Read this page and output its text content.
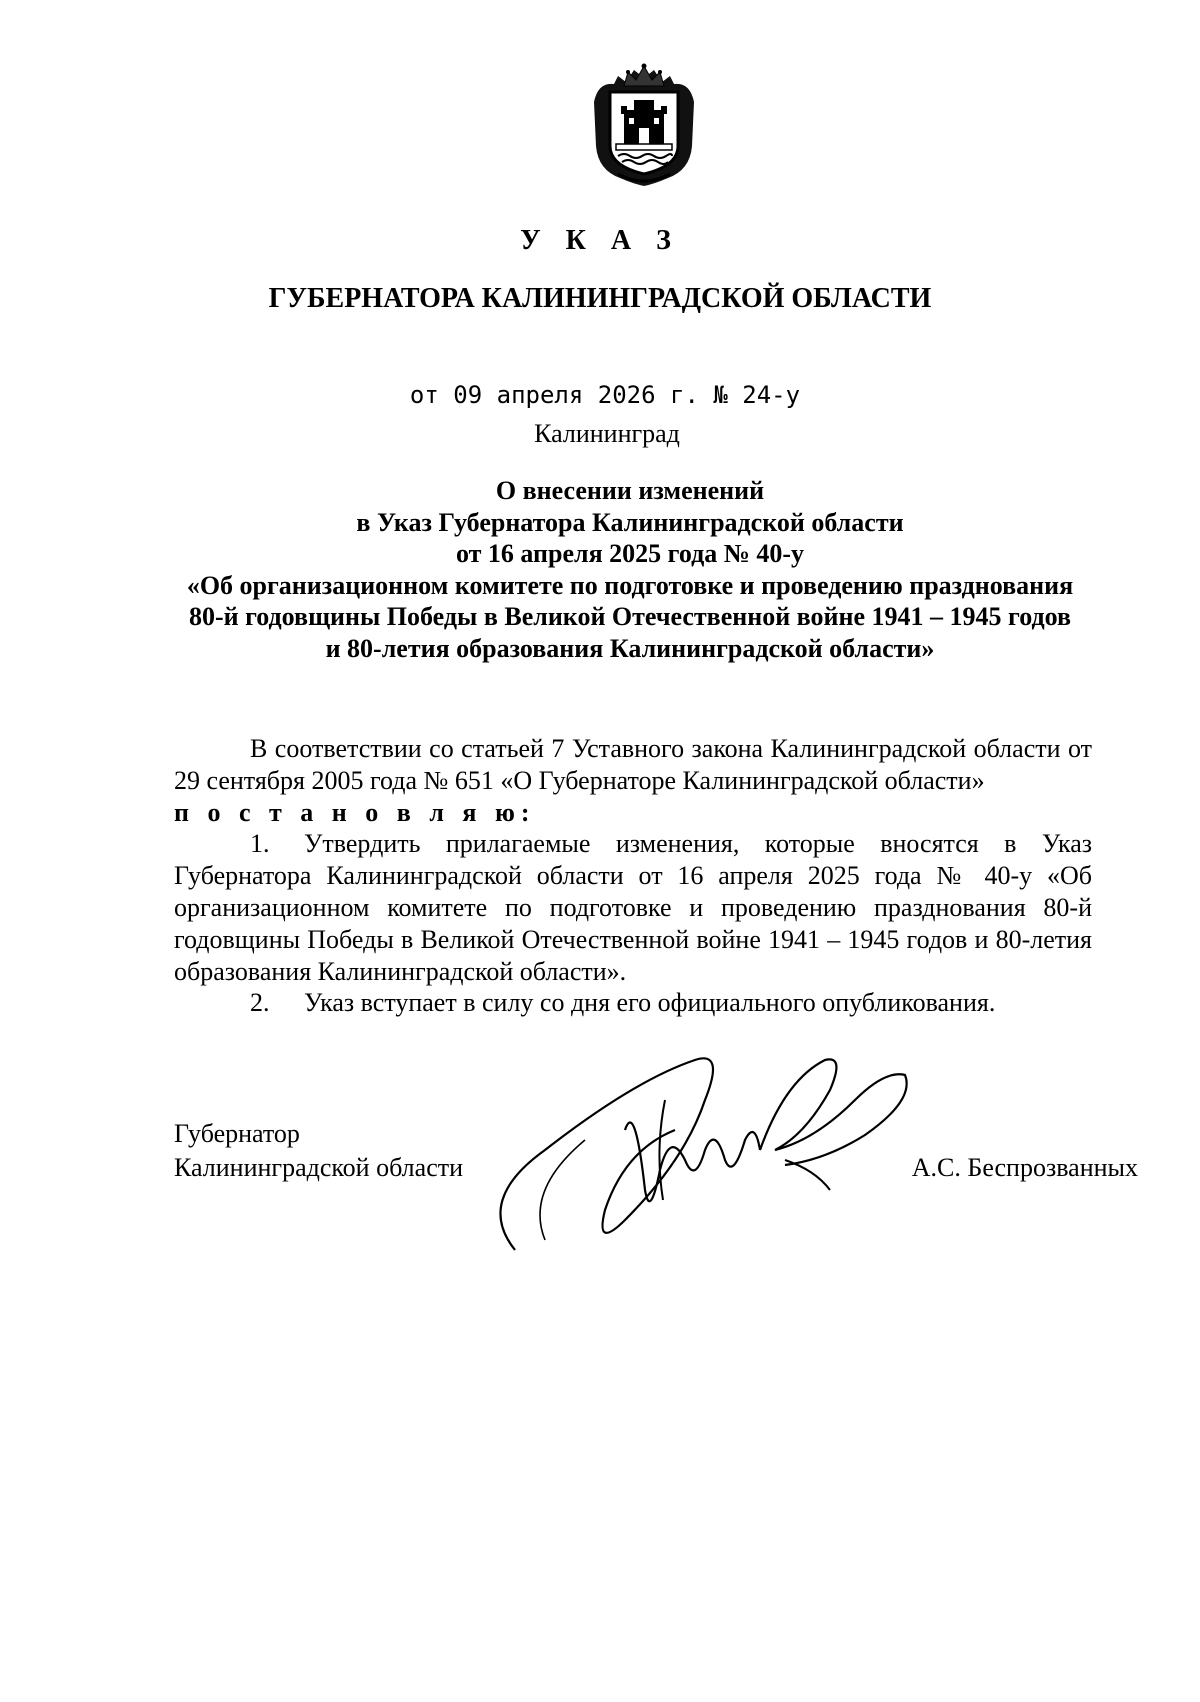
У К А З
ГУБЕРНАТОРА КАЛИНИНГРАДСКОЙ ОБЛАСТИ
от 09 апреля 2026 г. № 24-у
Калининград
О внесении изменений
в Указ Губернатора Калининградской области
от 16 апреля 2025 года № 40-у
«Об организационном комитете по подготовке и проведению празднования
80-й годовщины Победы в Великой Отечественной войне 1941 – 1945 годов
и 80-летия образования Калининградской области»

В соответствии со статьей 7 Уставного закона Калининградской области от 29 сентября 2005 года № 651 «О Губернаторе Калининградской области»

п о с т а н о в л я ю:

1. Утвердить прилагаемые изменения, которые вносятся в Указ Губернатора Калининградской области от 16 апреля 2025 года № 40-у «Об организационном комитете по подготовке и проведению празднования 80-й годовщины Победы в Великой Отечественной войне 1941 – 1945 годов и 80-летия образования Калининградской области».

2. Указ вступает в силу со дня его официального опубликования.

Губернатор
Калининградской области	А.С. Беспрозванных
